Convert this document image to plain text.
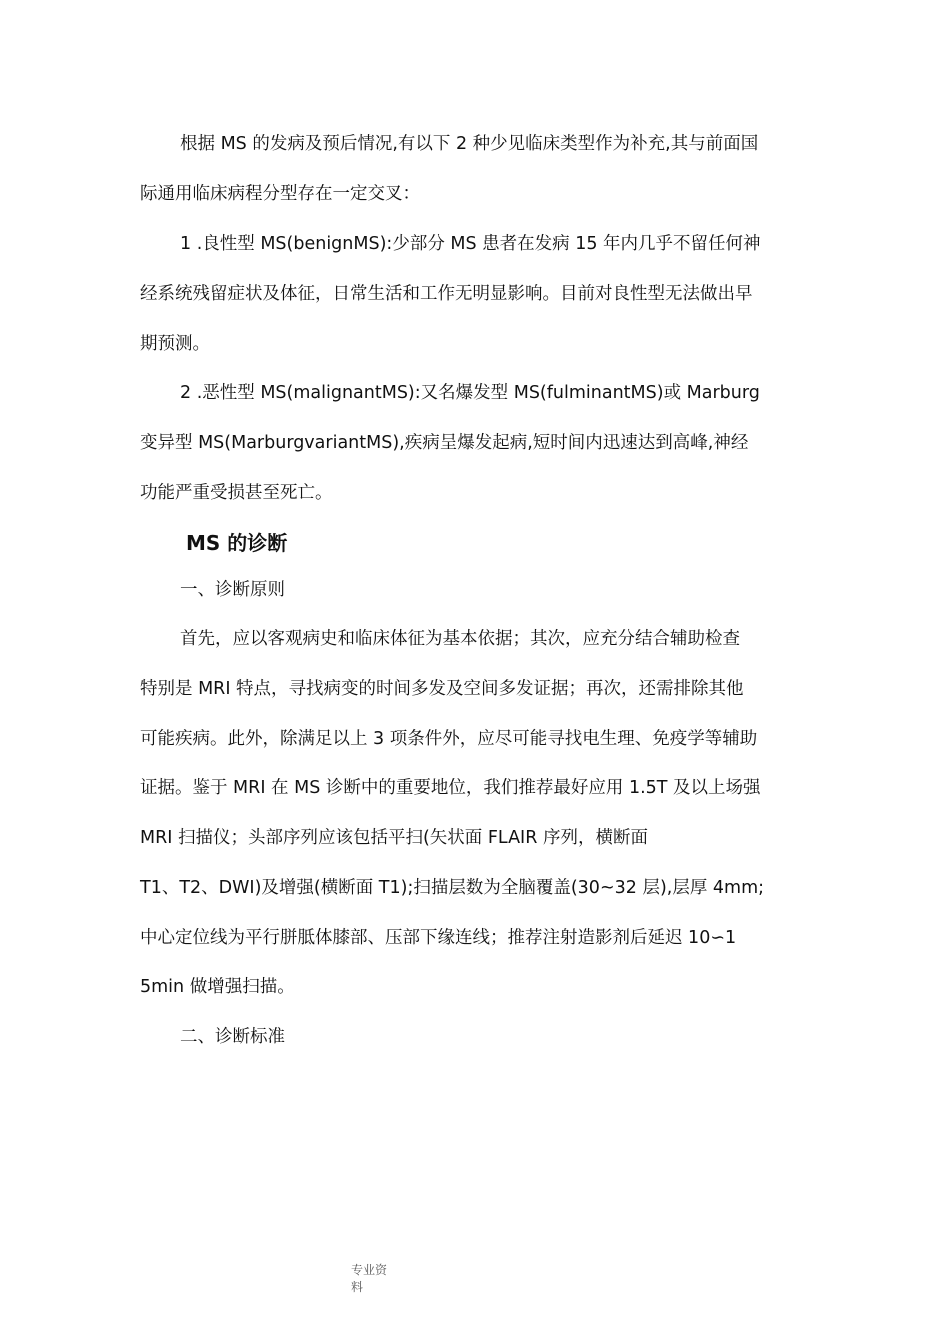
根据 MS 的发病及预后情况,有以下 2 种少见临床类型作为补充,其与前面国
际通用临床病程分型存在一定交叉：
1 .良性型 MS(benignMS):少部分 MS 患者在发病 15 年内几乎不留任何神
经系统残留症状及体征，日常生活和工作无明显影响。目前对良性型无法做出早
期预测。
2 .恶性型 MS(malignantMS):又名爆发型 MS(fulminantMS)或 Marburg
变异型 MS(MarburgvariantMS),疾病呈爆发起病,短时间内迅速达到高峰,神经
功能严重受损甚至死亡。
MS 的诊断
一、诊断原则
首先，应以客观病史和临床体征为基本依据；其次，应充分结合辅助检查
特别是 MRI 特点，寻找病变的时间多发及空间多发证据；再次，还需排除其他
可能疾病。此外，除满足以上 3 项条件外，应尽可能寻找电生理、免疫学等辅助
证据。鉴于 MRI 在 MS 诊断中的重要地位，我们推荐最好应用 1.5T 及以上场强
MRI 扫描仪；头部序列应该包括平扫(矢状面 FLAIR 序列，横断面
T1、T2、DWI)及增强(横断面 T1);扫描层数为全脑覆盖(30~32 层),层厚 4mm;
中心定位线为平行胼胝体膝部、压部下缘连线；推荐注射造影剂后延迟 10∽1
5min 做增强扫描。
二、诊断标准
专业资
料
